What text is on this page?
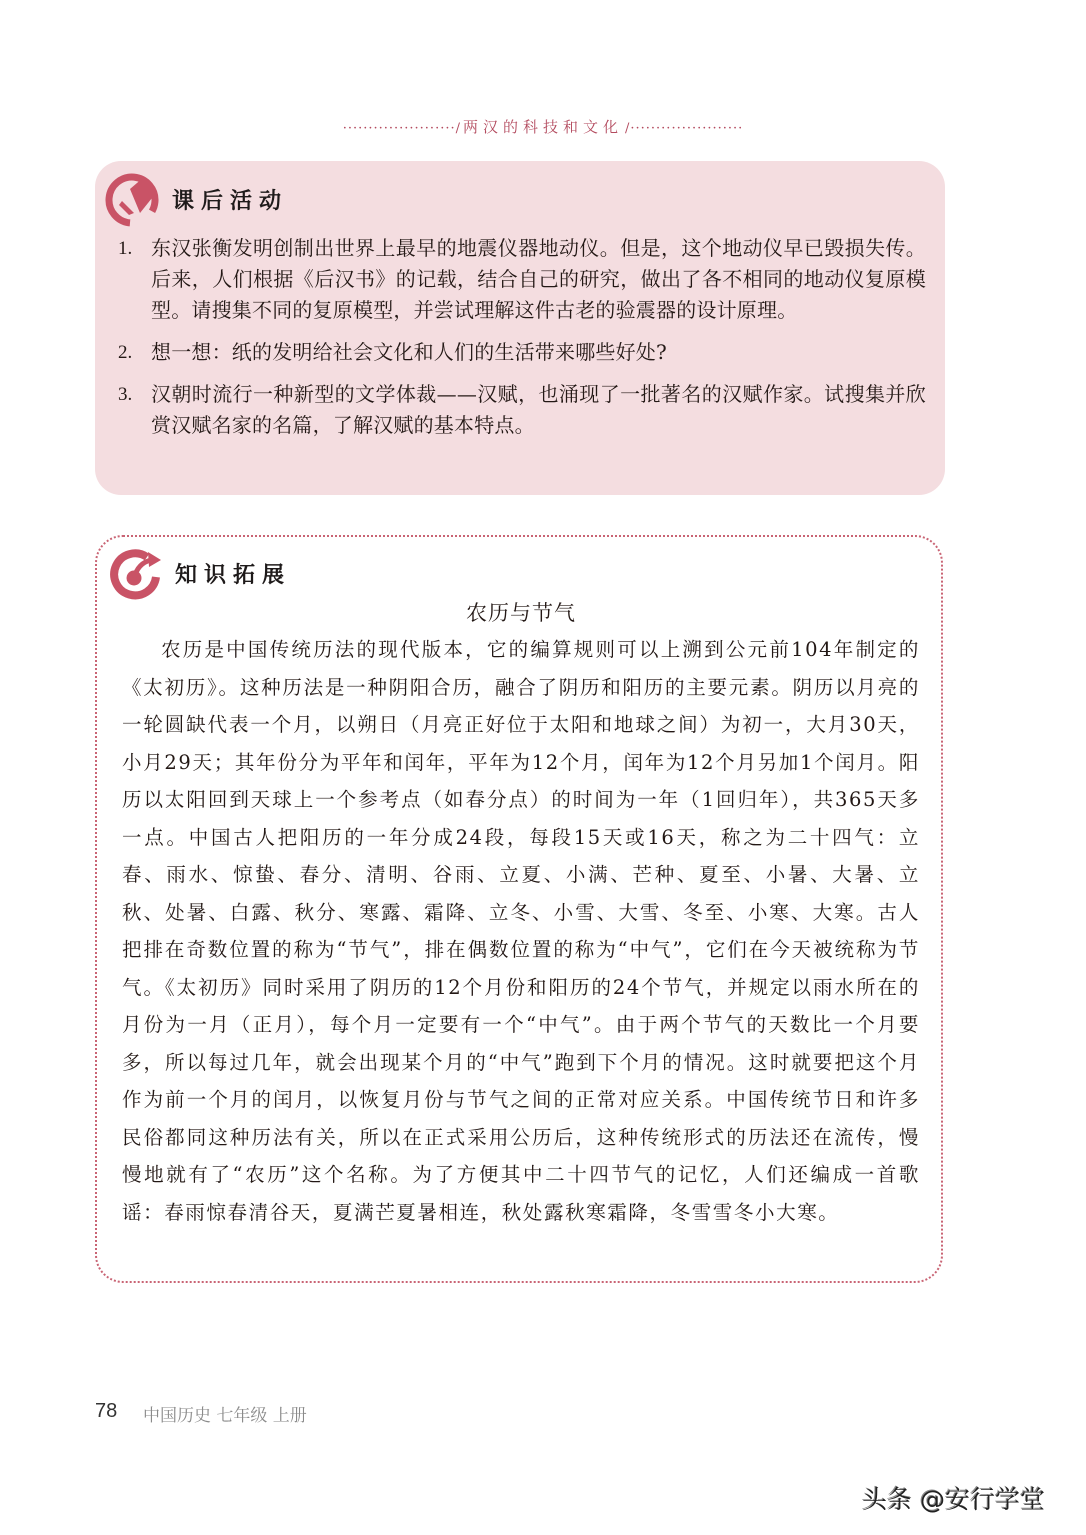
······················/ 两汉的科技和文化 /······················
课后活动
1. 东汉张衡发明创制出世界上最早的地震仪器地动仪。但是，这个地动仪早已毁损失传。后来，人们根据《后汉书》的记载，结合自己的研究，做出了各不相同的地动仪复原模型。请搜集不同的复原模型，并尝试理解这件古老的验震器的设计原理。
2. 想一想：纸的发明给社会文化和人们的生活带来哪些好处?
3. 汉朝时流行一种新型的文学体裁——汉赋，也涌现了一批著名的汉赋作家。试搜集并欣赏汉赋名家的名篇，了解汉赋的基本特点。
知识拓展
农历与节气

农历是中国传统历法的现代版本，它的编算规则可以上溯到公元前104年制定的《太初历》。这种历法是一种阴阳合历，融合了阴历和阳历的主要元素。阴历以月亮的一轮圆缺代表一个月，以朔日（月亮正好位于太阳和地球之间）为初一，大月30天，小月29天；其年份分为平年和闰年，平年为12个月，闰年为12个月另加1个闰月。阳历以太阳回到天球上一个参考点（如春分点）的时间为一年（1回归年），共365天多一点。中国古人把阳历的一年分成24段，每段15天或16天，称之为二十四气：立春、雨水、惊蛰、春分、清明、谷雨、立夏、小满、芒种、夏至、小暑、大暑、立秋、处暑、白露、秋分、寒露、霜降、立冬、小雪、大雪、冬至、小寒、大寒。古人把排在奇数位置的称为“节气”，排在偶数位置的称为“中气”，它们在今天被统称为节气。《太初历》同时采用了阴历的12个月份和阳历的24个节气，并规定以雨水所在的月份为一月（正月），每个月一定要有一个“中气”。由于两个节气的天数比一个月要多，所以每过几年，就会出现某个月的“中气”跑到下个月的情况。这时就要把这个月作为前一个月的闰月，以恢复月份与节气之间的正常对应关系。中国传统节日和许多民俗都同这种历法有关，所以在正式采用公历后，这种传统形式的历法还在流传，慢慢地就有了“农历”这个名称。为了方便其中二十四节气的记忆，人们还编成一首歌谣：春雨惊春清谷天，夏满芒夏暑相连，秋处露秋寒霜降，冬雪雪冬小大寒。

78 中国历史 七年级 上册
头条 @安行学堂
